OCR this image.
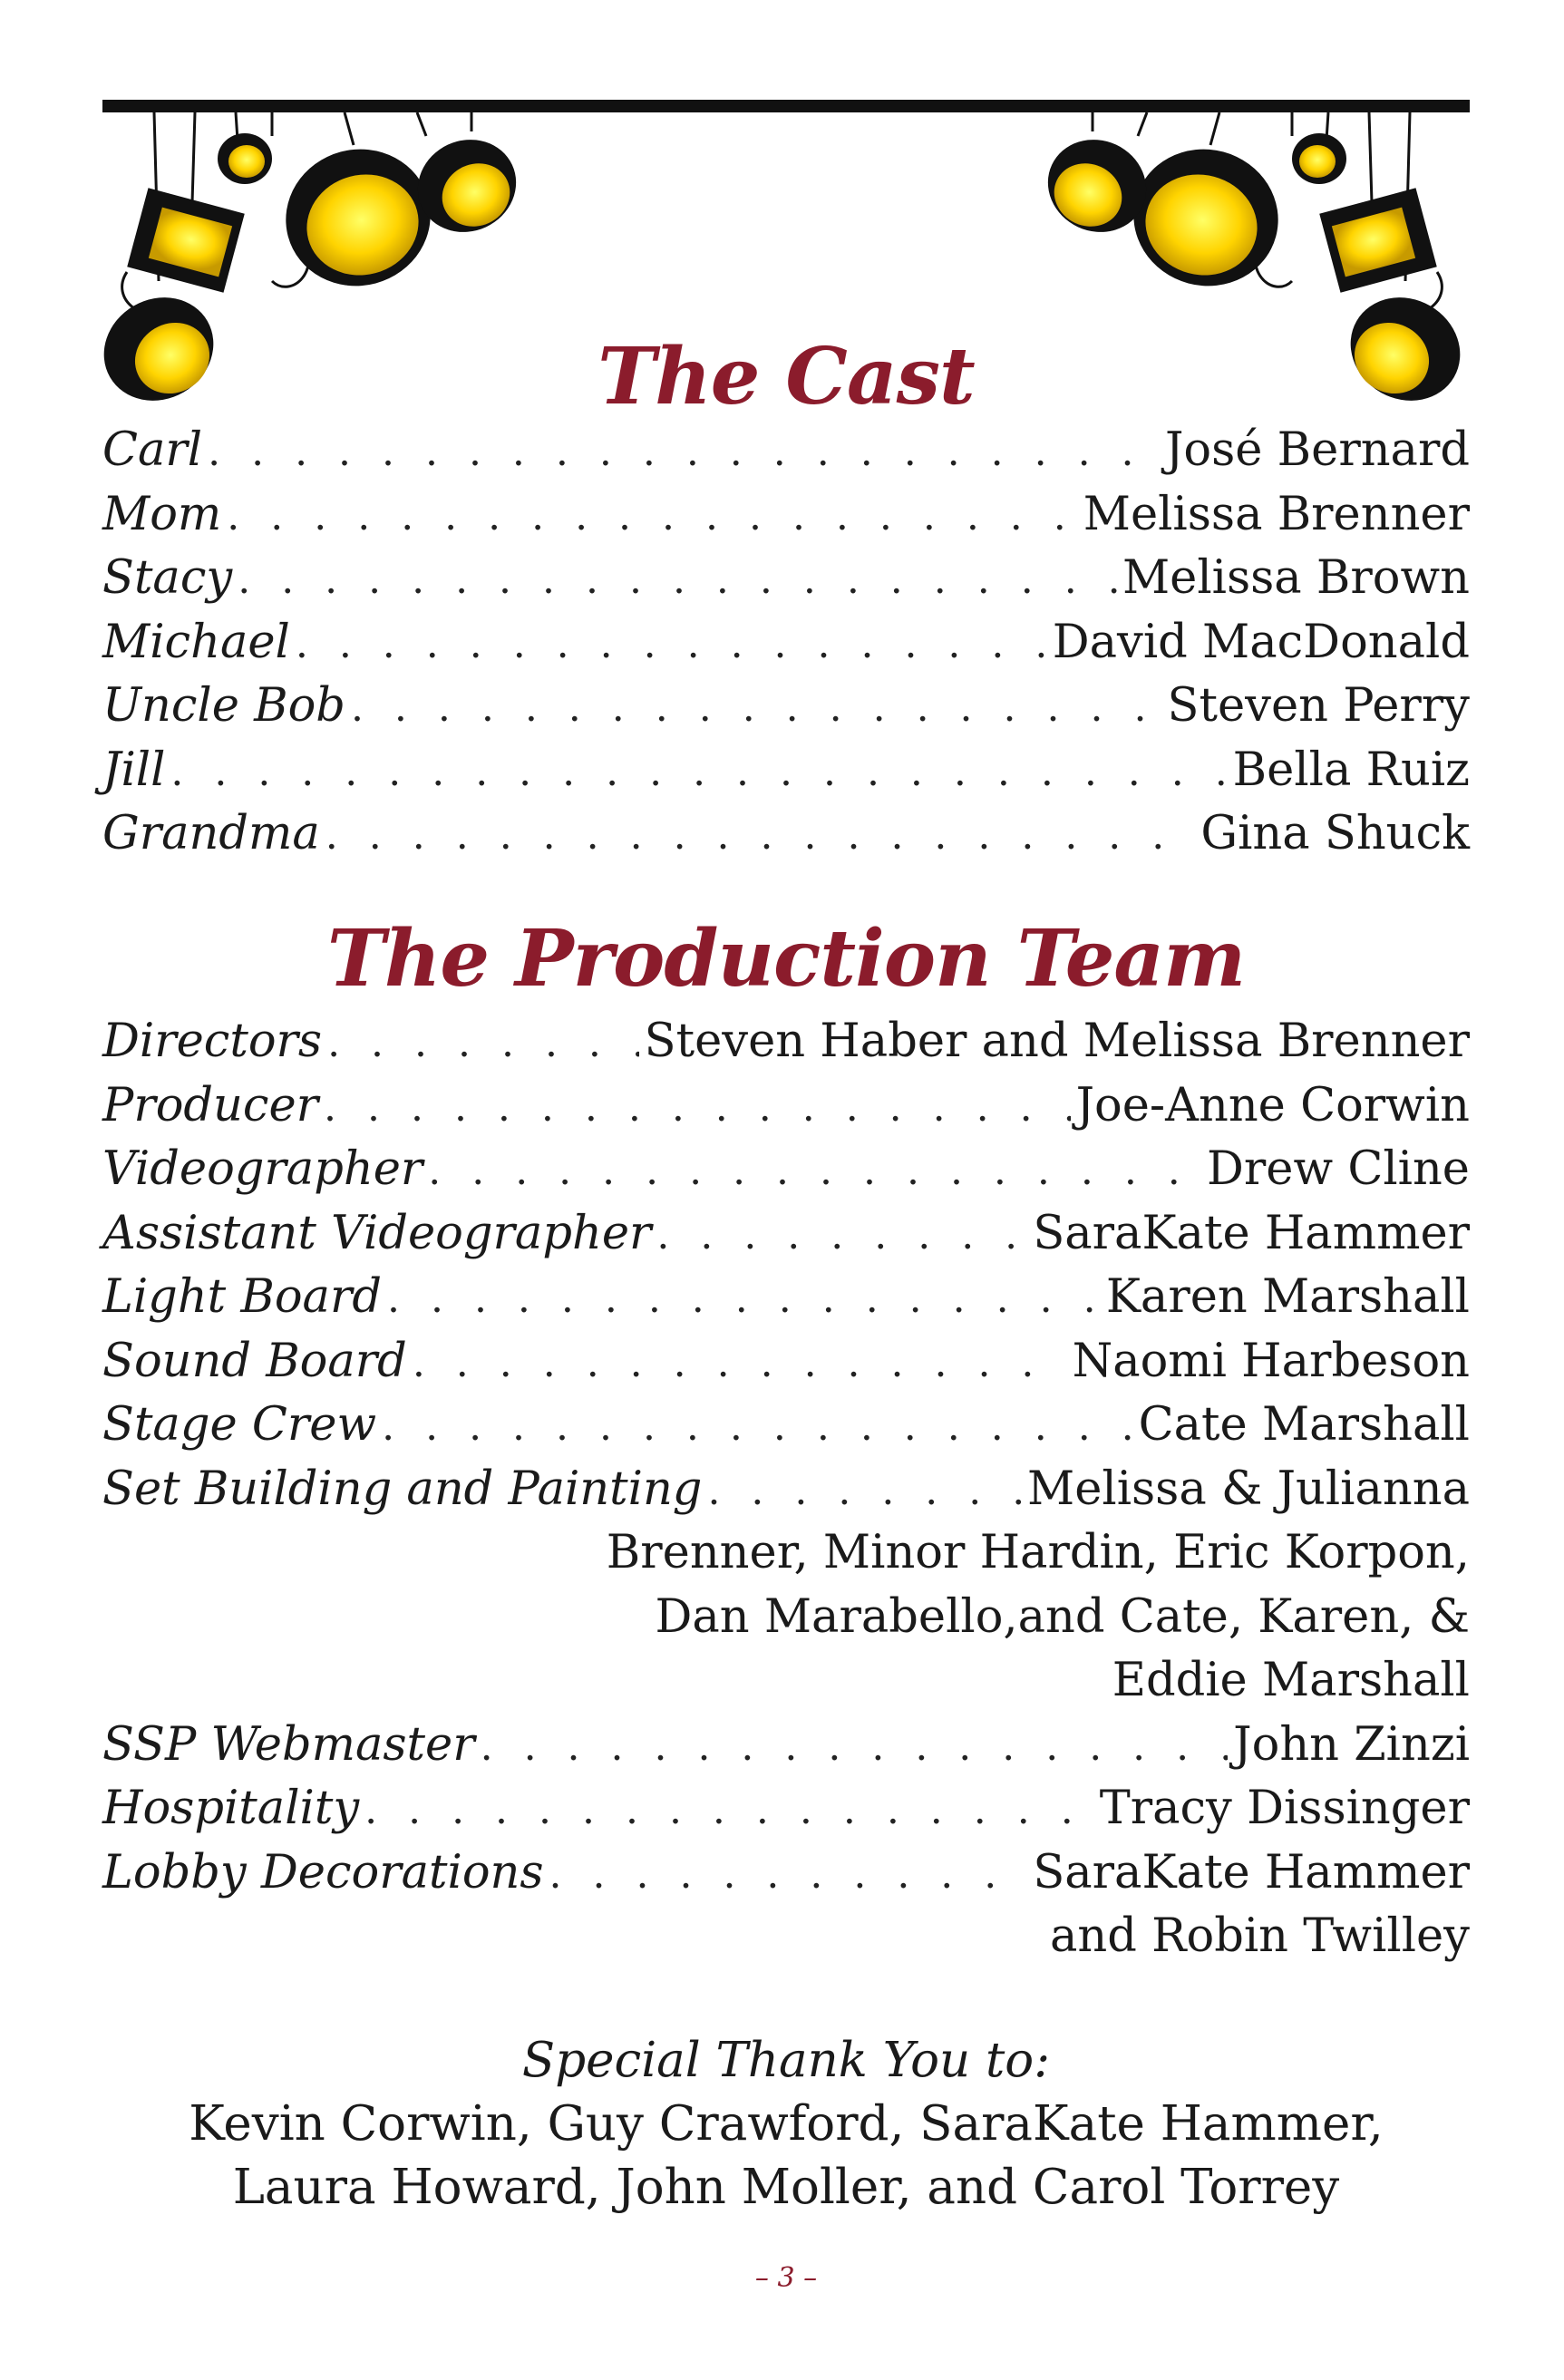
The Cast
Carl . . .	José Bernard
Mom . . .	Melissa Brenner
Stacy . . .	Melissa Brown
Michael . . .	David MacDonald
Uncle Bob . . .	Steven Perry
Jill . . .	Bella Ruiz
Grandma . . .	Gina Shuck
The Production Team
Directors . . .	Steven Haber and Melissa Brenner
Producer . . .	Joe-Anne Corwin
Videographer . . .	Drew Cline
Assistant Videographer . . .	SaraKate Hammer
Light Board . . .	Karen Marshall
Sound Board . . .	Naomi Harbeson
Stage Crew . . .	Cate Marshall
Set Building and Painting . . .	Melissa & Julianna
Brenner, Minor Hardin, Eric Korpon,
Dan Marabello,and Cate, Karen, &
Eddie Marshall
SSP Webmaster . . .	John Zinzi
Hospitality . . .	Tracy Dissinger
Lobby Decorations . . .	SaraKate Hammer
and Robin Twilley
Special Thank You to:
Kevin Corwin, Guy Crawford, SaraKate Hammer,
Laura Howard, John Moller, and Carol Torrey
– 3 –
